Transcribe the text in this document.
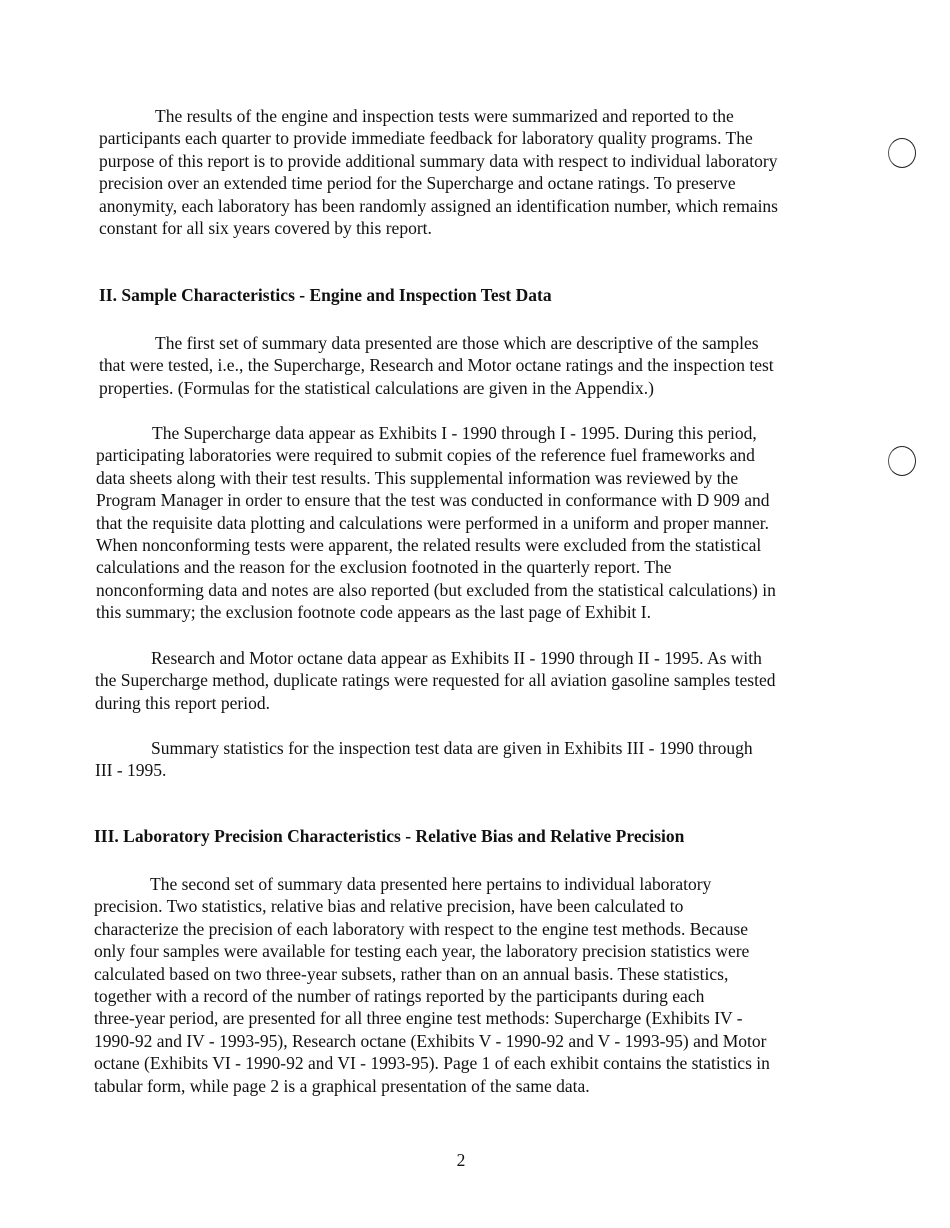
The results of the engine and inspection tests were summarized and reported to the
participants each quarter to provide immediate feedback for laboratory quality programs. The
purpose of this report is to provide additional summary data with respect to individual laboratory
precision over an extended time period for the Supercharge and octane ratings. To preserve
anonymity, each laboratory has been randomly assigned an identification number, which remains
constant for all six years covered by this report.

II. Sample Characteristics - Engine and Inspection Test Data

The first set of summary data presented are those which are descriptive of the samples
that were tested, i.e., the Supercharge, Research and Motor octane ratings and the inspection test
properties. (Formulas for the statistical calculations are given in the Appendix.)

The Supercharge data appear as Exhibits I - 1990 through I - 1995. During this period,
participating laboratories were required to submit copies of the reference fuel frameworks and
data sheets along with their test results. This supplemental information was reviewed by the
Program Manager in order to ensure that the test was conducted in conformance with D 909 and
that the requisite data plotting and calculations were performed in a uniform and proper manner.
When nonconforming tests were apparent, the related results were excluded from the statistical
calculations and the reason for the exclusion footnoted in the quarterly report. The
nonconforming data and notes are also reported (but excluded from the statistical calculations) in
this summary; the exclusion footnote code appears as the last page of Exhibit I.

Research and Motor octane data appear as Exhibits II - 1990 through II - 1995. As with
the Supercharge method, duplicate ratings were requested for all aviation gasoline samples tested
during this report period.

Summary statistics for the inspection test data are given in Exhibits III - 1990 through
III - 1995.

III. Laboratory Precision Characteristics - Relative Bias and Relative Precision

The second set of summary data presented here pertains to individual laboratory
precision. Two statistics, relative bias and relative precision, have been calculated to
characterize the precision of each laboratory with respect to the engine test methods. Because
only four samples were available for testing each year, the laboratory precision statistics were
calculated based on two three-year subsets, rather than on an annual basis. These statistics,
together with a record of the number of ratings reported by the participants during each
three-year period, are presented for all three engine test methods: Supercharge (Exhibits IV -
1990-92 and IV - 1993-95), Research octane (Exhibits V - 1990-92 and V - 1993-95) and Motor
octane (Exhibits VI - 1990-92 and VI - 1993-95). Page 1 of each exhibit contains the statistics in
tabular form, while page 2 is a graphical presentation of the same data.

2
